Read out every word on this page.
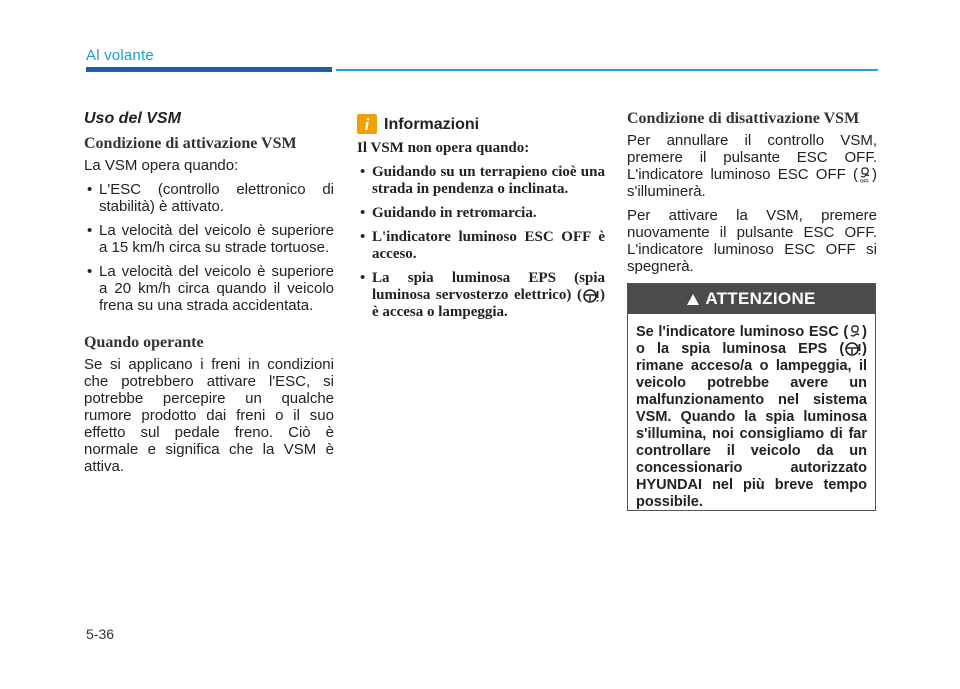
Al volante
Uso del VSM
Condizione di attivazione VSM

La VSM opera quando:

• L'ESC (controllo elettronico di stabilità) è attivato.
• La velocità del veicolo è superiore a 15 km/h circa su strade tortuose.
• La velocità del veicolo è superiore a 20 km/h circa quando il veicolo frena su una strada accidentata.
Quando operante

Se si applicano i freni in condizioni che potrebbero attivare l'ESC, si potrebbe percepire un qualche rumore prodotto dai freni o il suo effetto sul pedale freno. Ciò è normale e significa che la VSM è attiva.

i Informazioni

Il VSM non opera quando:

• Guidando su un terrapieno cioè una strada in pendenza o inclinata.
• Guidando in retromarcia.
• L'indicatore luminoso ESC OFF è acceso.
• La spia luminosa EPS (spia luminosa servosterzo elettrico) ( ) è accesa o lampeggia.
Condizione di disattivazione VSM

Per annullare il controllo VSM, premere il pulsante ESC OFF. L'indicatore luminoso ESC OFF ( OFF ) s'illuminerà.

Per attivare la VSM, premere nuovamente il pulsante ESC OFF. L'indicatore luminoso ESC OFF si spegnerà.

ATTENZIONE
Se l'indicatore luminoso ESC ( ) o la spia luminosa EPS ( ) rimane acceso/a o lampeggia, il veicolo potrebbe avere un malfunzionamento nel sistema VSM. Quando la spia luminosa s'illumina, noi consigliamo di far controllare il veicolo da un concessionario autorizzato HYUNDAI nel più breve tempo possibile.
5-36
